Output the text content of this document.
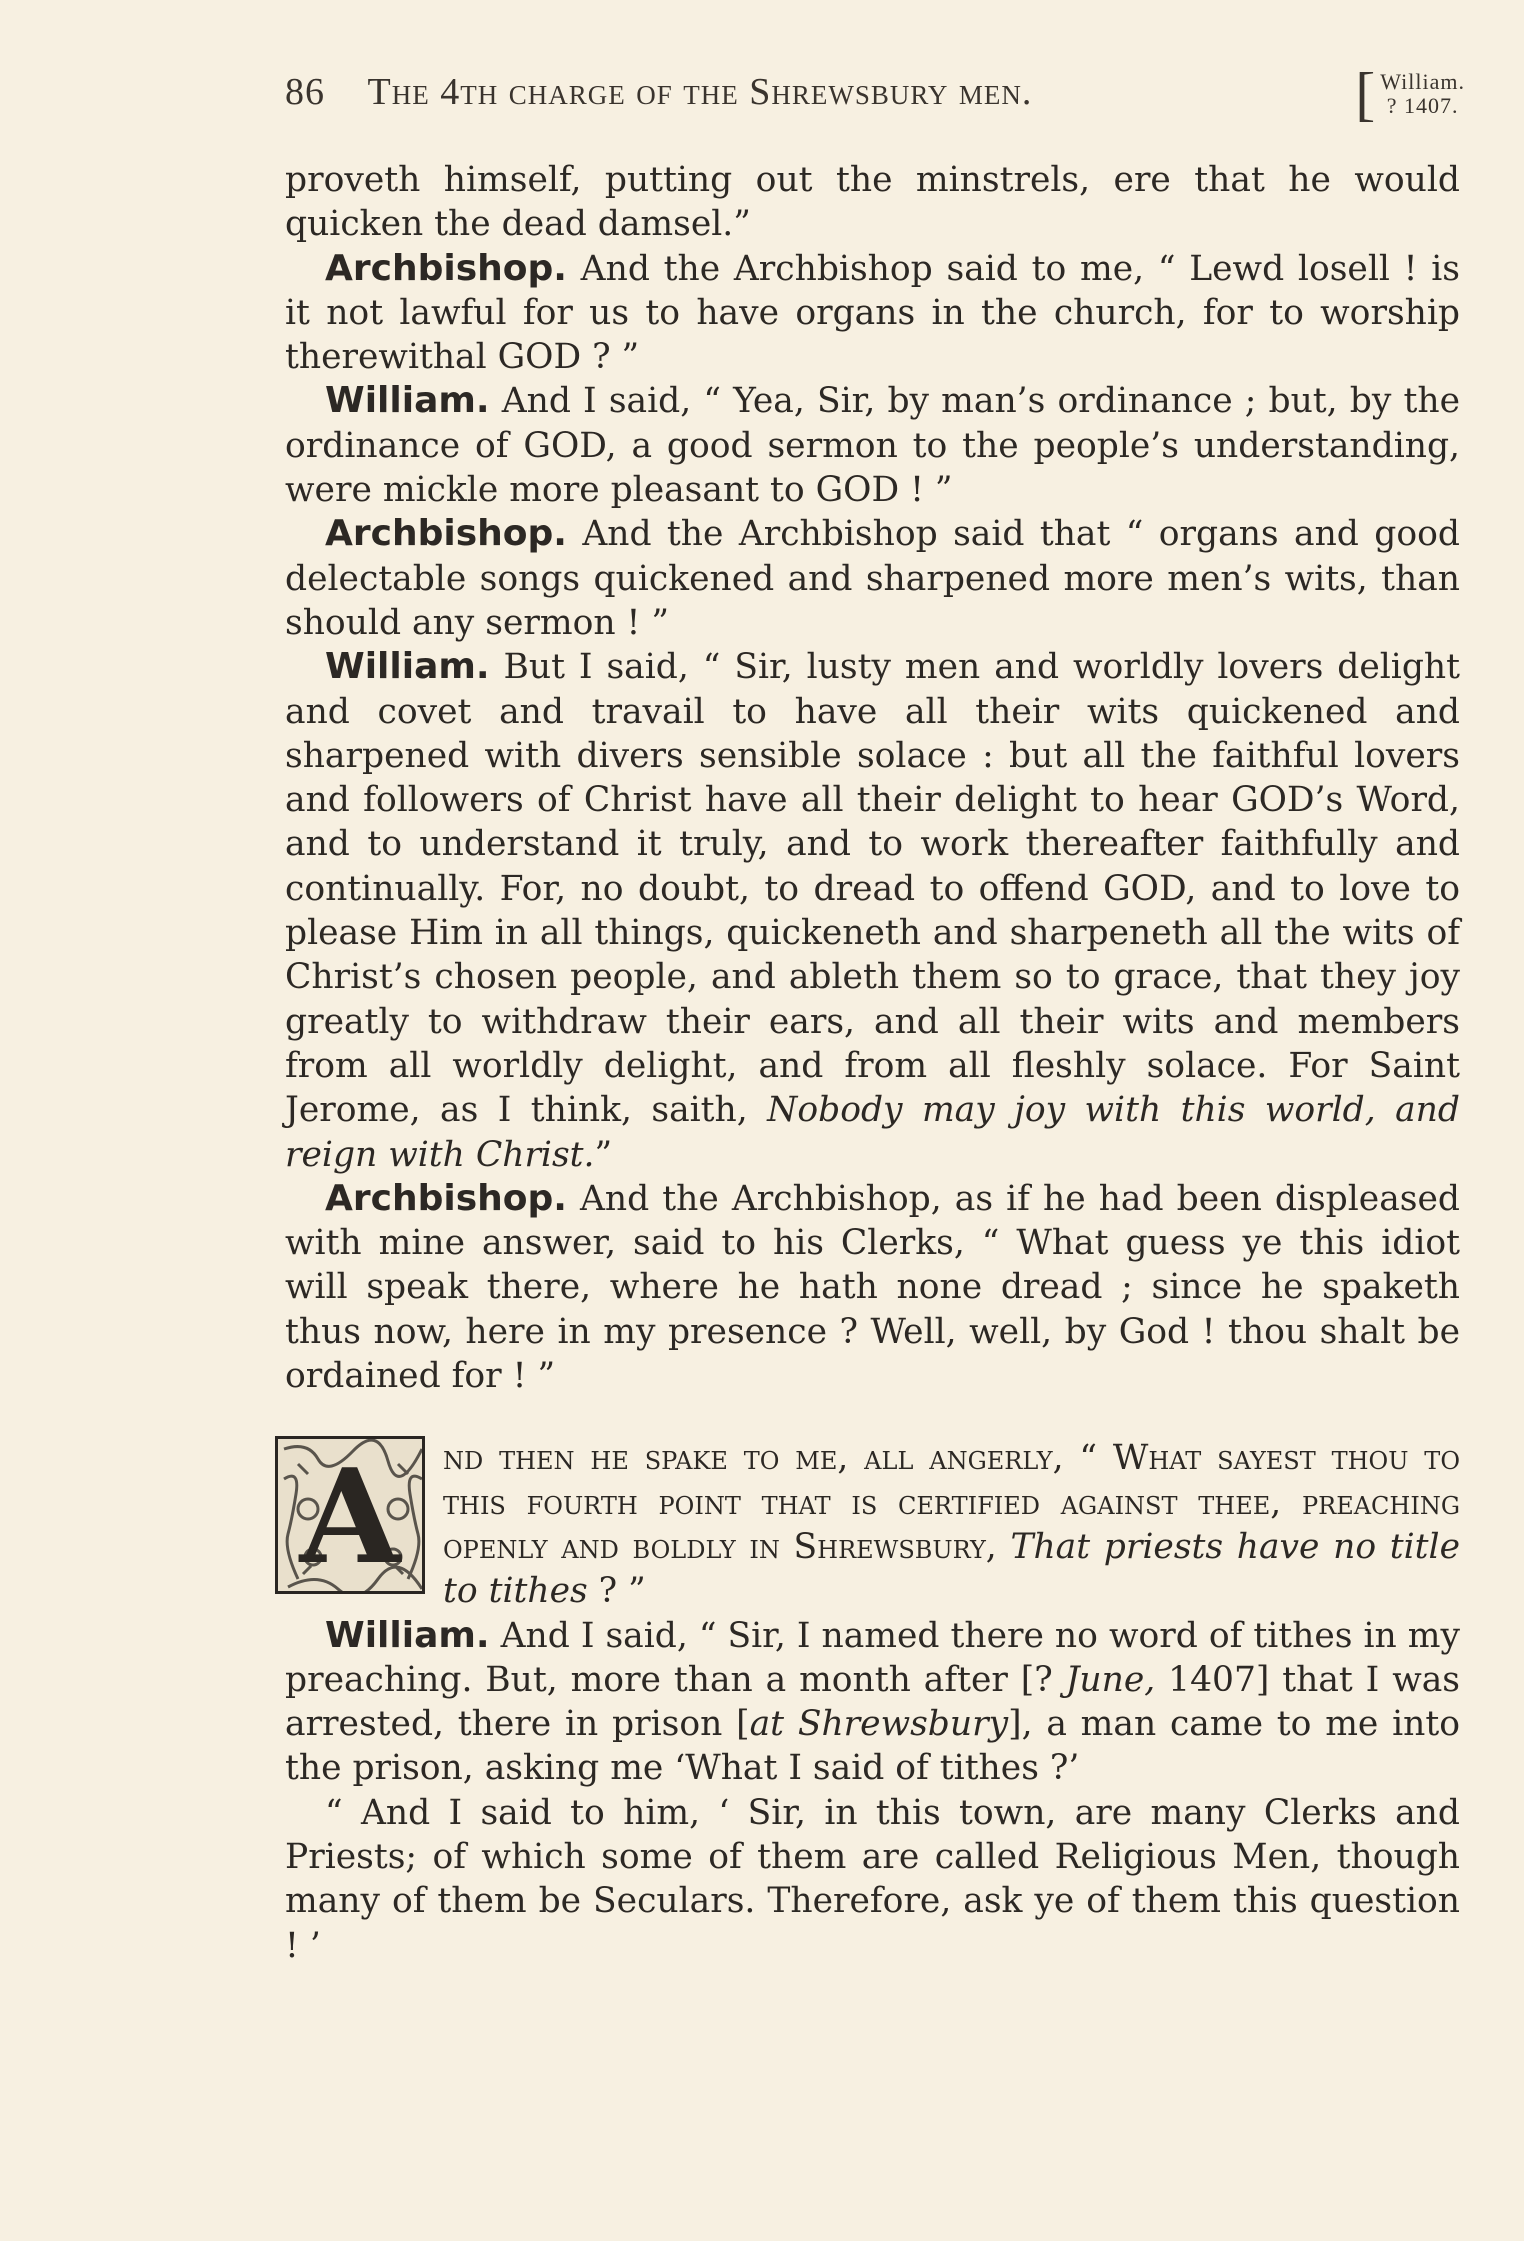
86 The 4th charge of the Shrewsbury men.	[ William.
? 1407.

proveth himself, putting out the minstrels, ere that he would quicken the dead damsel.”

Archbishop. And the Archbishop said to me, “ Lewd losell ! is it not lawful for us to have organs in the church, for to worship therewithal GOD ? ”

William. And I said, “ Yea, Sir, by man’s ordinance ; but, by the ordinance of GOD, a good sermon to the people’s understanding, were mickle more pleasant to GOD ! ”

Archbishop. And the Archbishop said that “ organs and good delectable songs quickened and sharpened more men’s wits, than should any sermon ! ”

William. But I said, “ Sir, lusty men and worldly lovers delight and covet and travail to have all their wits quickened and sharpened with divers sensible solace : but all the faithful lovers and followers of Christ have all their delight to hear GOD’s Word, and to understand it truly, and to work thereafter faithfully and continually. For, no doubt, to dread to offend GOD, and to love to please Him in all things, quickeneth and sharpeneth all the wits of Christ’s chosen people, and ableth them so to grace, that they joy greatly to withdraw their ears, and all their wits and members from all worldly delight, and from all fleshly solace. For Saint Jerome, as I think, saith, Nobody may joy with this world, and reign with Christ.”

Archbishop. And the Archbishop, as if he had been displeased with mine answer, said to his Clerks, “ What guess ye this idiot will speak there, where he hath none dread ; since he spaketh thus now, here in my presence ? Well, well, by God ! thou shalt be ordained for ! ”

A	nd then he spake to me, all angerly, “ What sayest thou to this fourth point that is certified against thee, preaching openly and boldly in Shrewsbury, That priests have no title to tithes ? ”

William. And I said, “ Sir, I named there no word of tithes in my preaching. But, more than a month after [? June, 1407] that I was arrested, there in prison [at Shrewsbury], a man came to me into the prison, asking me ‘What I said of tithes ?’

“ And I said to him, ‘ Sir, in this town, are many Clerks and Priests; of which some of them are called Religious Men, though many of them be Seculars. Therefore, ask ye of them this question ! ’
